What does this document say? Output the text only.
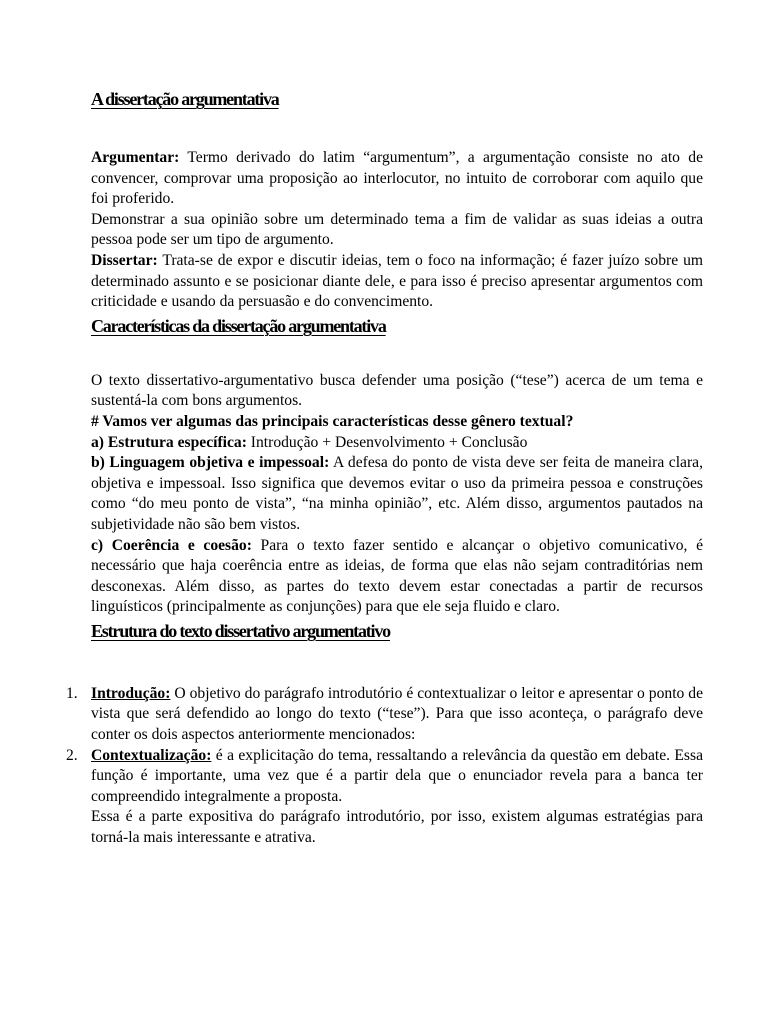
A dissertação argumentativa

Argumentar: Termo derivado do latim “argumentum”, a argumentação consiste no ato de convencer, comprovar uma proposição ao interlocutor, no intuito de corroborar com aquilo que foi proferido.

Demonstrar a sua opinião sobre um determinado tema a fim de validar as suas ideias a outra pessoa pode ser um tipo de argumento.

Dissertar: Trata-se de expor e discutir ideias, tem o foco na informação; é fazer juízo sobre um determinado assunto e se posicionar diante dele, e para isso é preciso apresentar argumentos com criticidade e usando da persuasão e do convencimento.

Características da dissertação argumentativa

O texto dissertativo-argumentativo busca defender uma posição (“tese”) acerca de um tema e sustentá-la com bons argumentos.

# Vamos ver algumas das principais características desse gênero textual?

a) Estrutura específica: Introdução + Desenvolvimento + Conclusão

b) Linguagem objetiva e impessoal: A defesa do ponto de vista deve ser feita de maneira clara, objetiva e impessoal. Isso significa que devemos evitar o uso da primeira pessoa e construções como “do meu ponto de vista”, “na minha opinião”, etc. Além disso, argumentos pautados na subjetividade não são bem vistos.

c) Coerência e coesão: Para o texto fazer sentido e alcançar o objetivo comunicativo, é necessário que haja coerência entre as ideias, de forma que elas não sejam contraditórias nem desconexas. Além disso, as partes do texto devem estar conectadas a partir de recursos linguísticos (principalmente as conjunções) para que ele seja fluido e claro.

Estrutura do texto dissertativo argumentativo
1. Introdução: O objetivo do parágrafo introdutório é contextualizar o leitor e apresentar o ponto de vista que será defendido ao longo do texto (“tese”). Para que isso aconteça, o parágrafo deve conter os dois aspectos anteriormente mencionados:

2. Contextualização: é a explicitação do tema, ressaltando a relevância da questão em debate. Essa função é importante, uma vez que é a partir dela que o enunciador revela para a banca ter compreendido integralmente a proposta.

Essa é a parte expositiva do parágrafo introdutório, por isso, existem algumas estratégias para torná-la mais interessante e atrativa.
